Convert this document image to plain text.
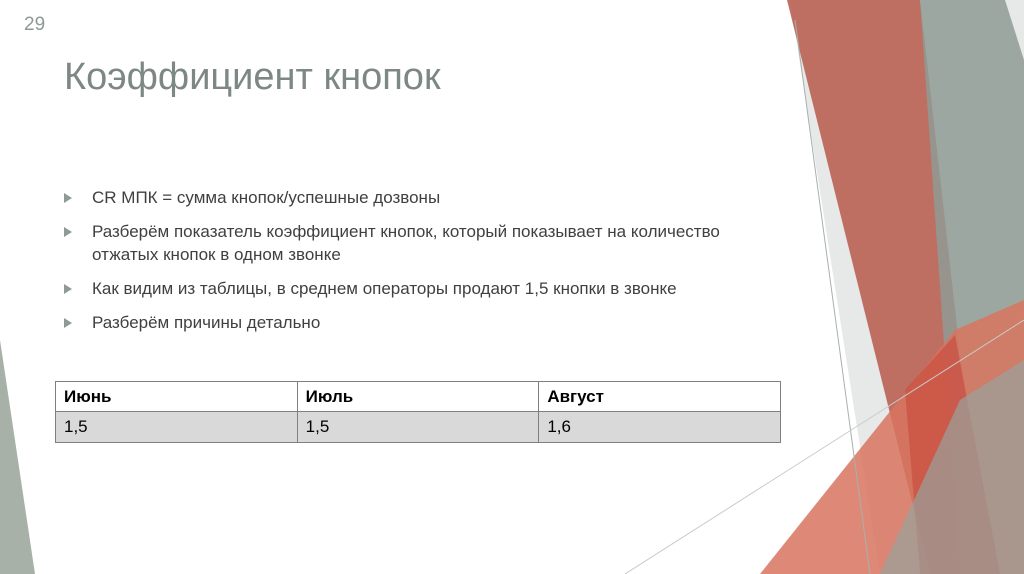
29
Коэффициент кнопок
CR МПК = сумма кнопок/успешные дозвоны
Разберём показатель коэффициент кнопок, который показывает на количество отжатых кнопок в одном звонке
Как видим из таблицы, в среднем операторы продают 1,5 кнопки в звонке
Разберём причины детально
Июнь	Июль	Август
1,5	1,5	1,6
